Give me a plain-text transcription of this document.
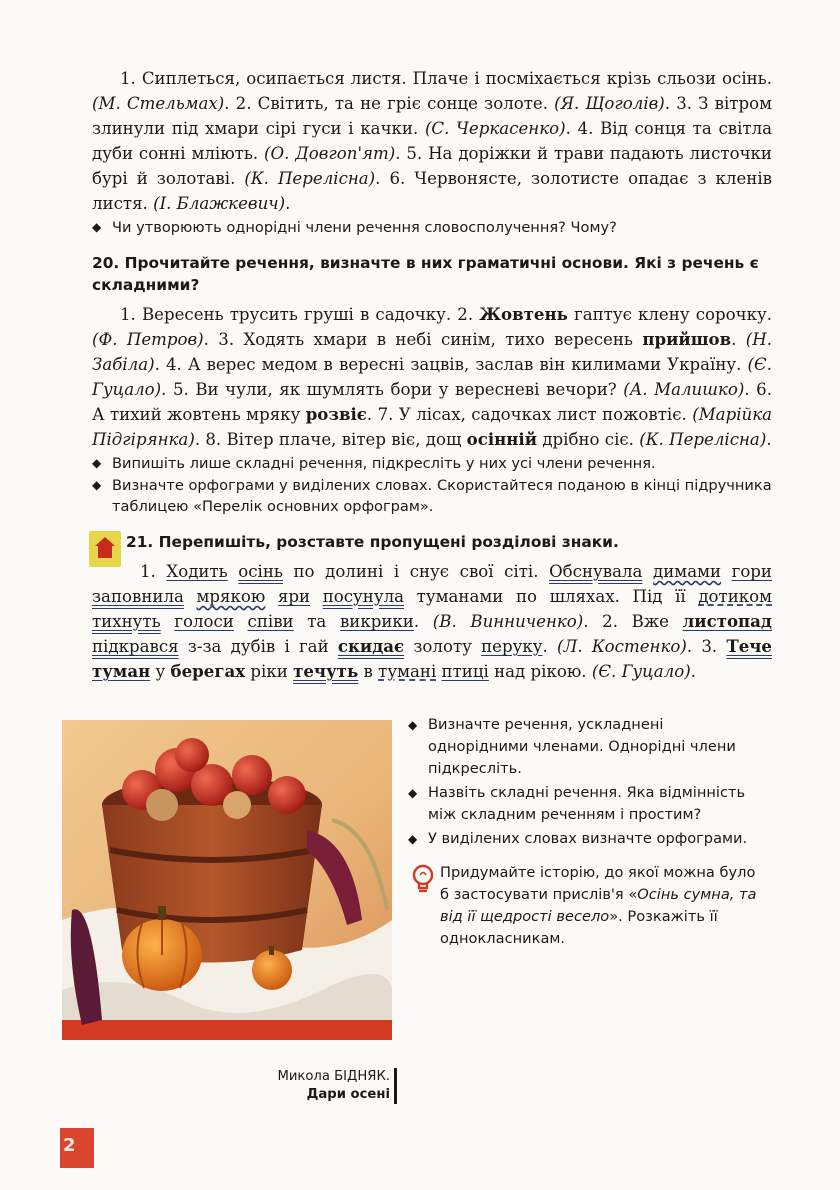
1. Сиплеться, осипається листя. Плаче і посміхається крізь сльози осінь. (М. Стельмах). 2. Світить, та не гріє сонце золоте. (Я. Щоголів). 3. З вітром злинули під хмари сірі гуси і качки. (С. Черкасенко). 4. Від сонця та світла дуби сонні мліють. (О. Довгоп'ят). 5. На доріжки й трави падають листочки бурі й золотаві. (К. Перелісна). 6. Червонясте, золотисте опадає з кленів листя. (І. Блажкевич).

◆ Чи утворюють однорідні члени речення словосполучення? Чому?

20. Прочитайте речення, визначте в них граматичні основи. Які з речень є складними?

1. Вересень трусить груші в садочку. 2. Жовтень гаптує клену сорочку. (Ф. Петров). 3. Ходять хмари в небі синім, тихо вересень прийшов. (Н. Забіла). 4. А верес медом в вересні зацвів, заслав він килимами Україну. (Є. Гуцало). 5. Ви чули, як шумлять бори у вересневі вечори? (А. Малишко). 6. А тихий жовтень мряку розвіє. 7. У лісах, садочках лист пожовтіє. (Марійка Підгірянка). 8. Вітер плаче, вітер віє, дощ осінній дрібно сіє. (К. Перелісна).

◆ Випишіть лише складні речення, підкресліть у них усі члени речення.

◆ Визначте орфограми у виділених словах. Скористайтеся поданою в кінці підручника таблицею «Перелік основних орфограм».

21. Перепишіть, розставте пропущені розділові знаки.

1. Ходить осінь по долині і снує свої сіті. Обснувала димами гори заповнила мрякою яри посунула туманами по шляхах. Під її дотиком тихнуть голоси співи та викрики. (В. Винниченко). 2. Вже листопад підкрався з-за дубів і гай скидає золоту перуку. (Л. Костенко). 3. Тече туман у берегах ріки течуть в тумані птиці над рікою. (Є. Гуцало).

Микола БІДНЯК.
Дари осені

◆ Визначте речення, ускладнені однорідними членами. Однорідні члени підкресліть.

◆ Назвіть складні речення. Яка відмінність між складним реченням і простим?

◆ У виділених словах визначте орфограми.

Придумайте історію, до якої можна було б застосувати прислів'я «Осінь сумна, та від її щедрості весело». Розкажіть її однокласникам.
2
